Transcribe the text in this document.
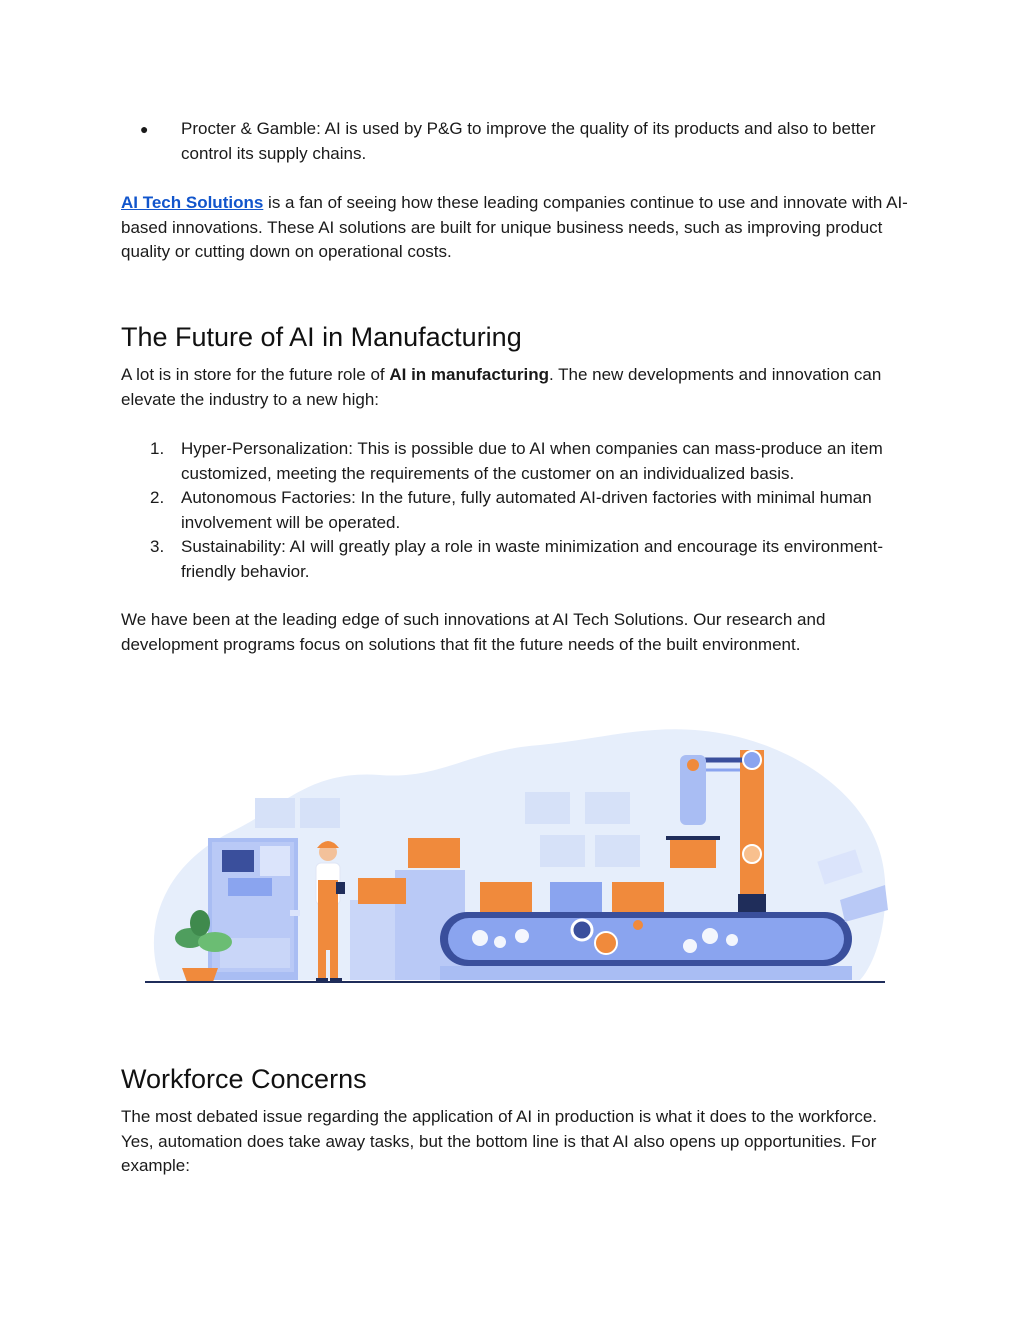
● Procter & Gamble: AI is used by P&G to improve the quality of its products and also to better control its supply chains.

AI Tech Solutions is a fan of seeing how these leading companies continue to use and innovate with AI-based innovations. These AI solutions are built for unique business needs, such as improving product quality or cutting down on operational costs.

The Future of AI in Manufacturing

A lot is in store for the future role of AI in manufacturing. The new developments and innovation can elevate the industry to a new high:

1. Hyper-Personalization: This is possible due to AI when companies can mass-produce an item customized, meeting the requirements of the customer on an individualized basis.
2. Autonomous Factories: In the future, fully automated AI-driven factories with minimal human involvement will be operated.
3. Sustainability: AI will greatly play a role in waste minimization and encourage its environment-friendly behavior.

We have been at the leading edge of such innovations at AI Tech Solutions. Our research and development programs focus on solutions that fit the future needs of the built environment.

Workforce Concerns

The most debated issue regarding the application of AI in production is what it does to the workforce. Yes, automation does take away tasks, but the bottom line is that AI also opens up opportunities. For example:
